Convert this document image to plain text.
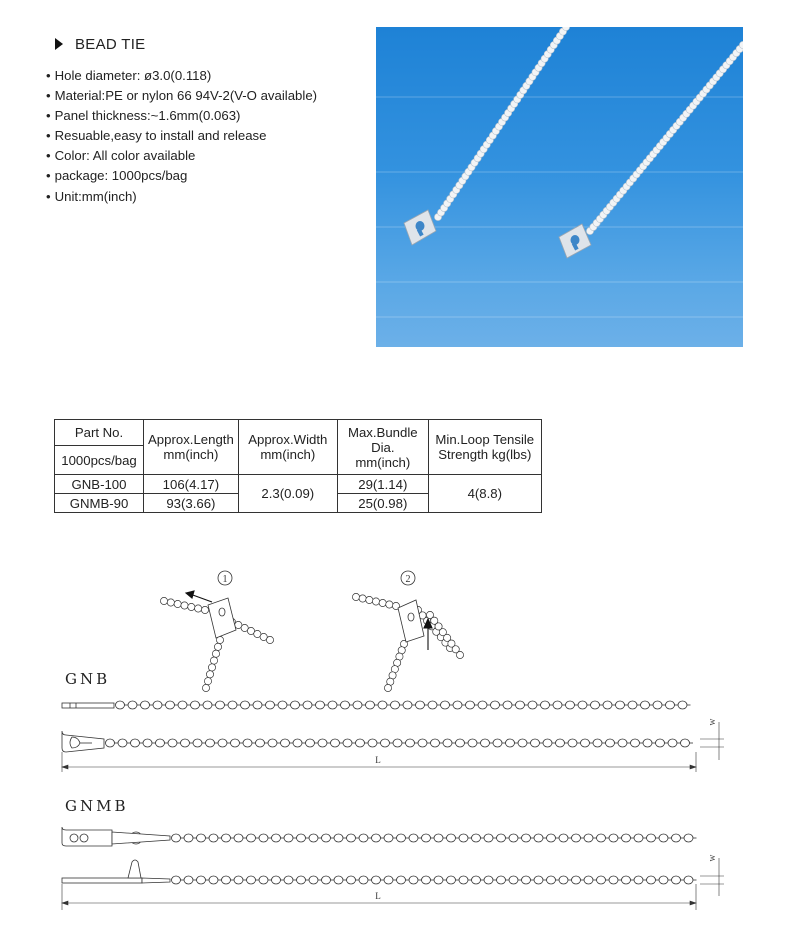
BEAD TIE
• Hole diameter: ø3.0(0.118)
• Material:PE or nylon 66 94V-2(V-O available)
• Panel thickness:~1.6mm(0.063)
• Resuable,easy to install and release
• Color: All color available
• package: 1000pcs/bag
• Unit:mm(inch)
Part No.	Approx.Length mm(inch)	Approx.Width mm(inch)	Max.Bundle Dia. mm(inch)	Min.Loop Tensile Strength kg(lbs)
1000pcs/bag				
GNB-100	106(4.17)	2.3(0.09)	29(1.14)	4(8.8)
GNMB-90	93(3.66)		25(0.98)	
1	2
L
W
L
W
GNB
GNMB
